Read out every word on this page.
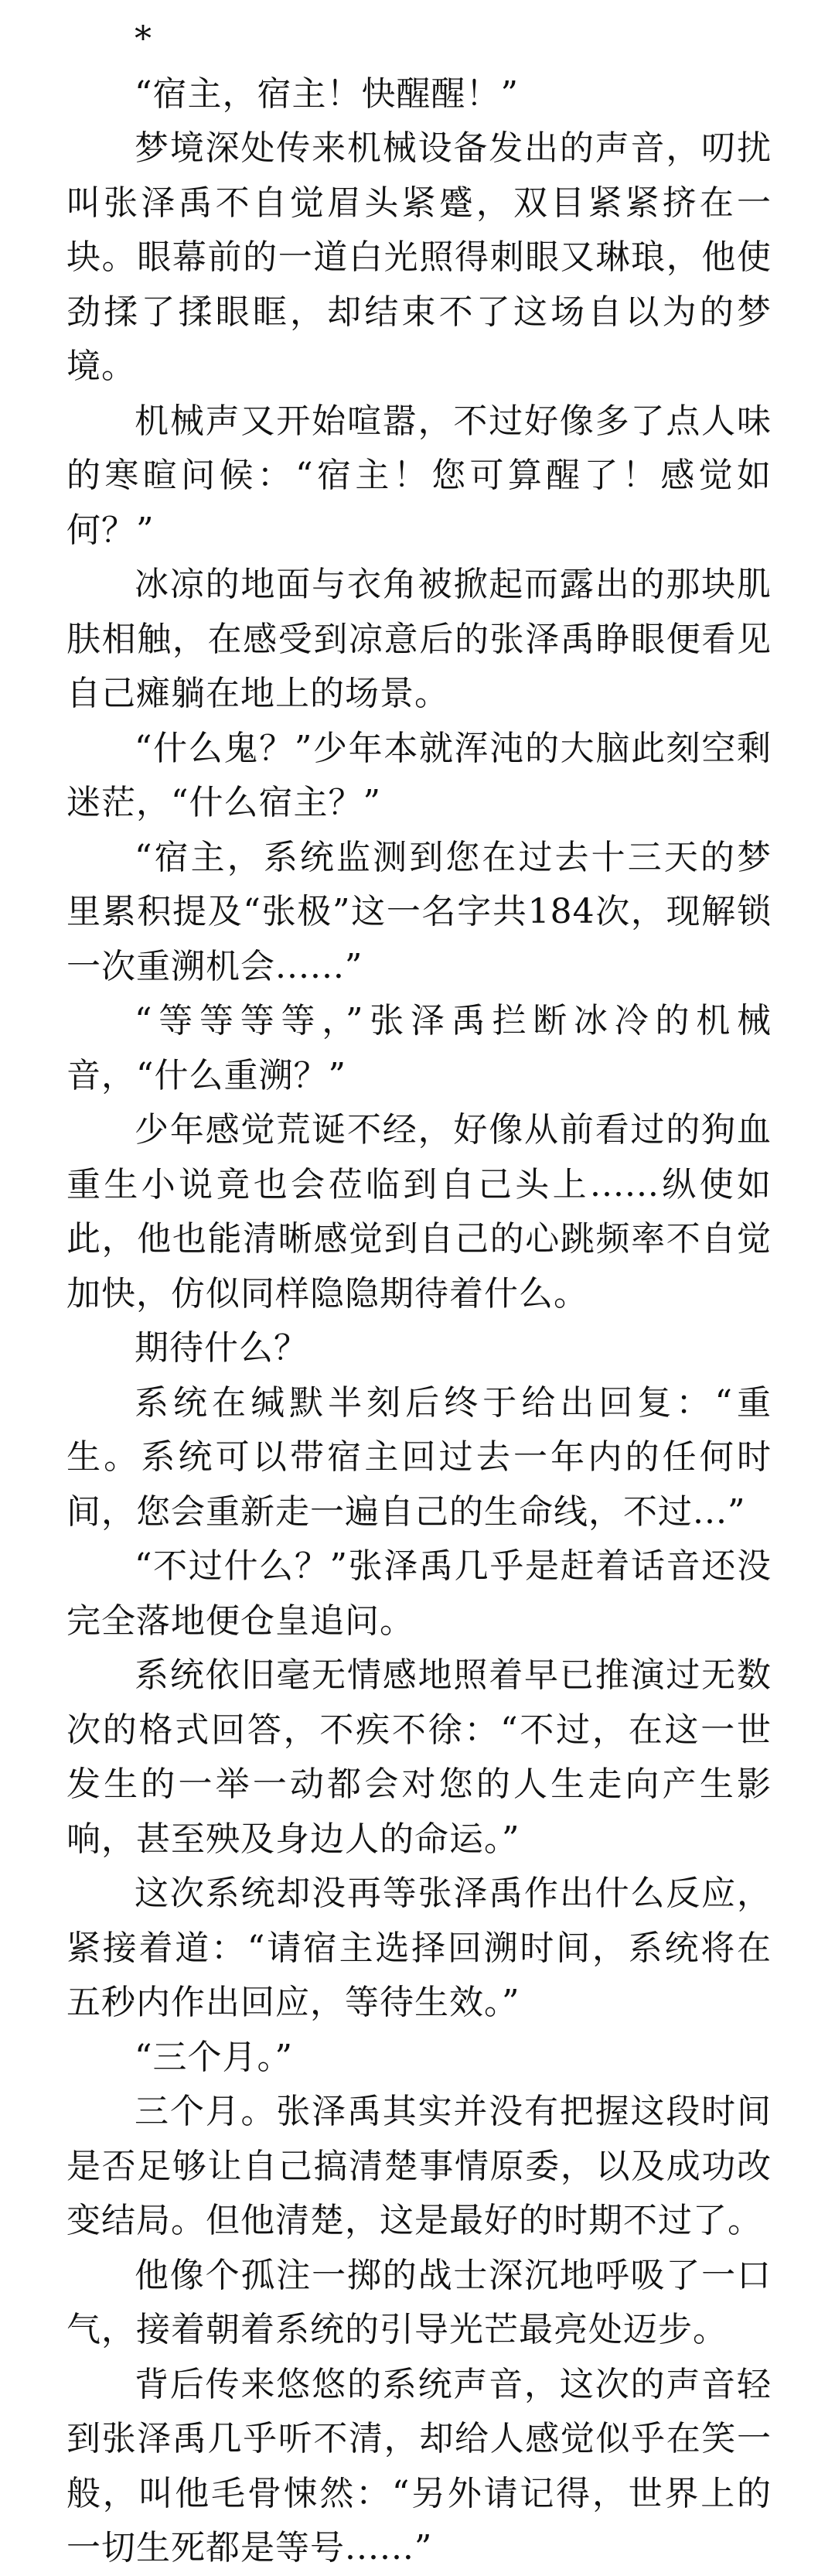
*

“宿主，宿主！快醒醒！”

梦境深处传来机械设备发出的声音，叨扰叫张泽禹不自觉眉头紧蹙，双目紧紧挤在一块。眼幕前的一道白光照得刺眼又琳琅，他使劲揉了揉眼眶，却结束不了这场自以为的梦境。

机械声又开始喧嚣，不过好像多了点人味的寒暄问候：“宿主！您可算醒了！感觉如何？”

冰凉的地面与衣角被掀起而露出的那块肌肤相触，在感受到凉意后的张泽禹睁眼便看见自己瘫躺在地上的场景。

“什么鬼？”少年本就浑沌的大脑此刻空剩迷茫，“什么宿主？”

“宿主，系统监测到您在过去十三天的梦里累积提及“张极”这一名字共184次，现解锁一次重溯机会......”

“等等等等，”张泽禹拦断冰冷的机械音，“什么重溯？”

少年感觉荒诞不经，好像从前看过的狗血重生小说竟也会莅临到自己头上......纵使如此，他也能清晰感觉到自己的心跳频率不自觉加快，仿似同样隐隐期待着什么。

期待什么？

系统在缄默半刻后终于给出回复：“重生。系统可以带宿主回过去一年内的任何时间，您会重新走一遍自己的生命线，不过...”

“不过什么？”张泽禹几乎是赶着话音还没完全落地便仓皇追问。

系统依旧毫无情感地照着早已推演过无数次的格式回答，不疾不徐：“不过，在这一世发生的一举一动都会对您的人生走向产生影响，甚至殃及身边人的命运。”

这次系统却没再等张泽禹作出什么反应，紧接着道：“请宿主选择回溯时间，系统将在五秒内作出回应，等待生效。”

“三个月。”

三个月。张泽禹其实并没有把握这段时间是否足够让自己搞清楚事情原委，以及成功改变结局。但他清楚，这是最好的时期不过了。

他像个孤注一掷的战士深沉地呼吸了一口气，接着朝着系统的引导光芒最亮处迈步。

背后传来悠悠的系统声音，这次的声音轻到张泽禹几乎听不清，却给人感觉似乎在笑一般，叫他毛骨悚然：“另外请记得，世界上的一切生死都是等号......”
